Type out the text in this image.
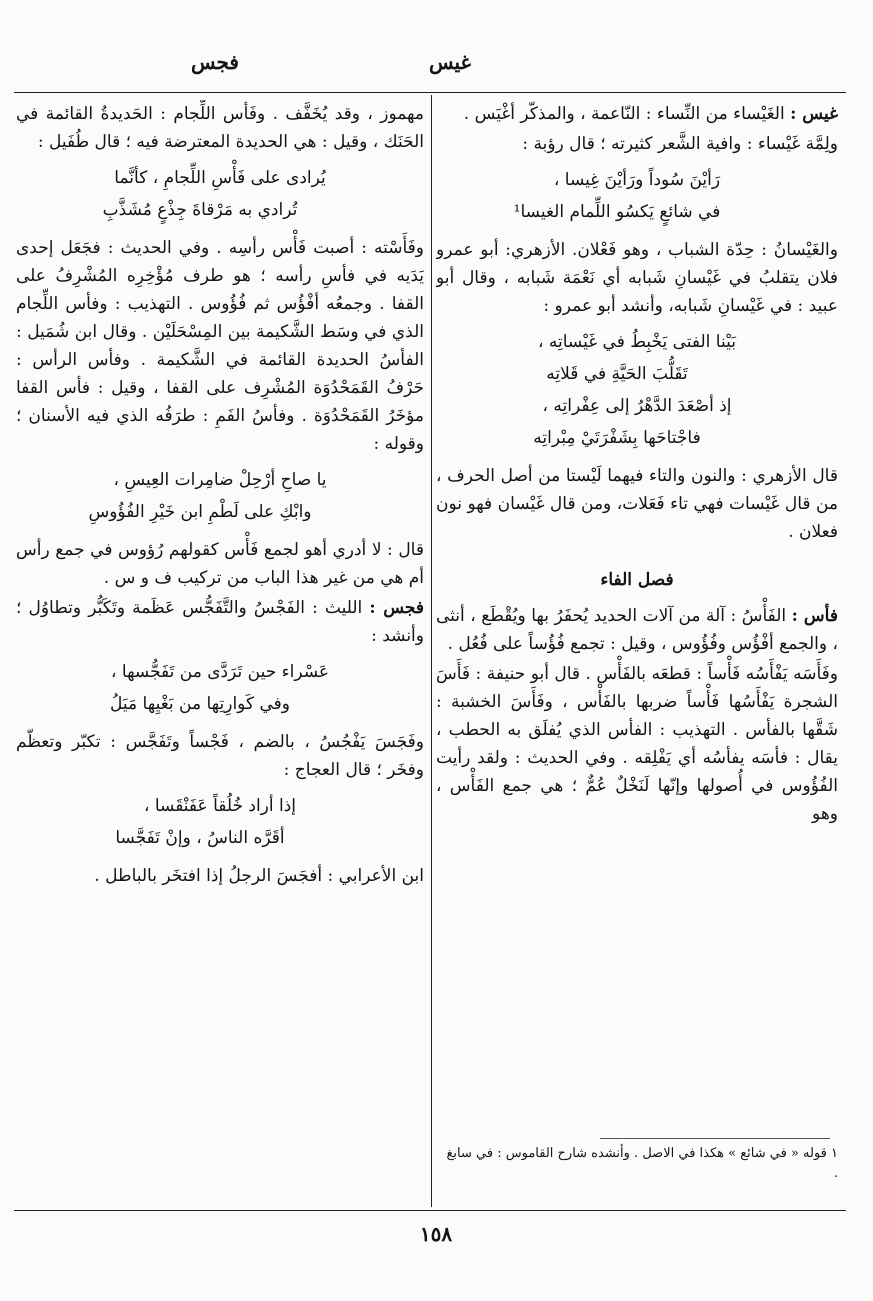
غيس
فجس

غيس : الغَيْساء من النِّساء : النّاعمة ، والمذكّر أغْيَس .

ولِمَّة غَيْساء : وافية الشَّعر كثيرته ؛ قال رؤبة :

رَأيْنَ سُوداً ورَأيْنَ غِيسا ،
في شائعٍ يَكسُو اللِّمام الغيسا¹

والغَيْسانُ : حِدّة الشباب ، وهو فَعْلان. الأزهري: أبو عمرو فلان يتقلبُ في غَيْسانِ شَبابه أي نَعْمَة شَبابه ، وقال أبو عبيد : في غَيْسانِ شَبابه، وأنشد أبو عمرو :

بَيْنا الفتى يَخْبِطُ في غَيْساتِه ،
تَقَلُّبَ الحَيَّةِ في قَلاتِه
إذ أصْعَدَ الدَّهْرُ إلى عِفْراتِه ،
فاجْتاحَها بِشَفْرَتَيْ مِبْراتِه

قال الأزهري : والنون والتاء فيهما لَيْستا من أصل الحرف ، من قال غَيْسات فهي تاء فَعَلات، ومن قال غَيْسان فهو نون فعلان .

فصل الفاء

فأس : الفَأْسُ : آلة من آلات الحديد يُحفَرُ بها ويُقْطَع ، أنثى ، والجمع أفْؤُس وفُؤُوس ، وقيل : تجمع فُؤُساً على فُعُل .

وفَأَسَه يَفْأَسُه فَأْساً : قطعَه بالفَأْس . قال أبو حنيفة : فَأَسَ الشجرة يَفْأَسُها فَأْساً ضربها بالفَأْس ، وفَأَسَ الخشبة : شَقَّها بالفأس . التهذيب : الفأس الذي يُفلَق به الحطب ، يقال : فأسَه يفأسُه أي يَفْلِقه . وفي الحديث : ولقد رأيت الفُؤُوس في أُصولها وإنّها لَنَخْلٌ عُمٌّ ؛ هي جمع الفَأْس ، وهو

مهموز ، وقد يُخَفَّف . وفَأْس اللِّجام : الحَديدةُ القائمة في الحَنَك ، وقيل : هي الحديدة المعترضة فيه ؛ قال طُفَيل :

يُرادى على فَأْسِ اللِّجامِ ، كأنَّما
تُرادي به مَرْقاةَ جِذْعٍ مُشَذَّبِ

وفَأَسْته : أصبت فَأْس رأسِه . وفي الحديث : فجَعَل إحدى يَدَيه في فأسِ رأسه ؛ هو طرف مُؤْخِرِه المُشْرِفُ على القفا . وجمعُه أفْؤُس ثم فُؤُوس . التهذيب : وفأس اللِّجام الذي في وسَط الشَّكيمة بين المِسْحَلَيْن . وقال ابن شُمَيل : الفأسُ الحديدة القائمة في الشَّكيمة . وفأس الرأس : حَرْفُ القَمَحْدُوَة المُشْرِف على القفا ، وقيل : فأس القفا مؤخَرُ القَمَحْدُوَة . وفأسُ الفَمِ : طرَفُه الذي فيه الأسنان ؛ وقوله :

يا صاحِ أرْحِلْ ضامِرات العِيسِ ،
وابْكِ على لَطْمِ ابن خَيْرِ الفُؤُوسِ

قال : لا أدري أهو لجمع فَأْس كقولهم رُؤوس في جمع رأس أم هي من غير هذا الباب من تركيب ف و س .

فجس : الليث : الفَجْسُ والتَّفَجُّس عَظَمة وتَكَبُّر وتطاوُل ؛ وأنشد :

عَسْراء حين تَرَدَّى من تَفَجُّسها ،
وفي كَوارِتِها من بَغْيِها مَيَلُ

وفَجَسَ يَفْجُسُ ، بالضم ، فَجْساً وتَفَجَّس : تكبّر وتعظّم وفخَر ؛ قال العجاج :

إذا أراد خُلُقاً عَفَنْقَسا ،
أقَرَّه الناسُ ، وإنْ تَفَجَّسا

ابن الأعرابي : أفجَسَ الرجلُ إذا افتخَر بالباطل .

١ قوله « في شائع » هكذا في الاصل . وأنشده شارح القاموس : في سابغ .
١٥٨
